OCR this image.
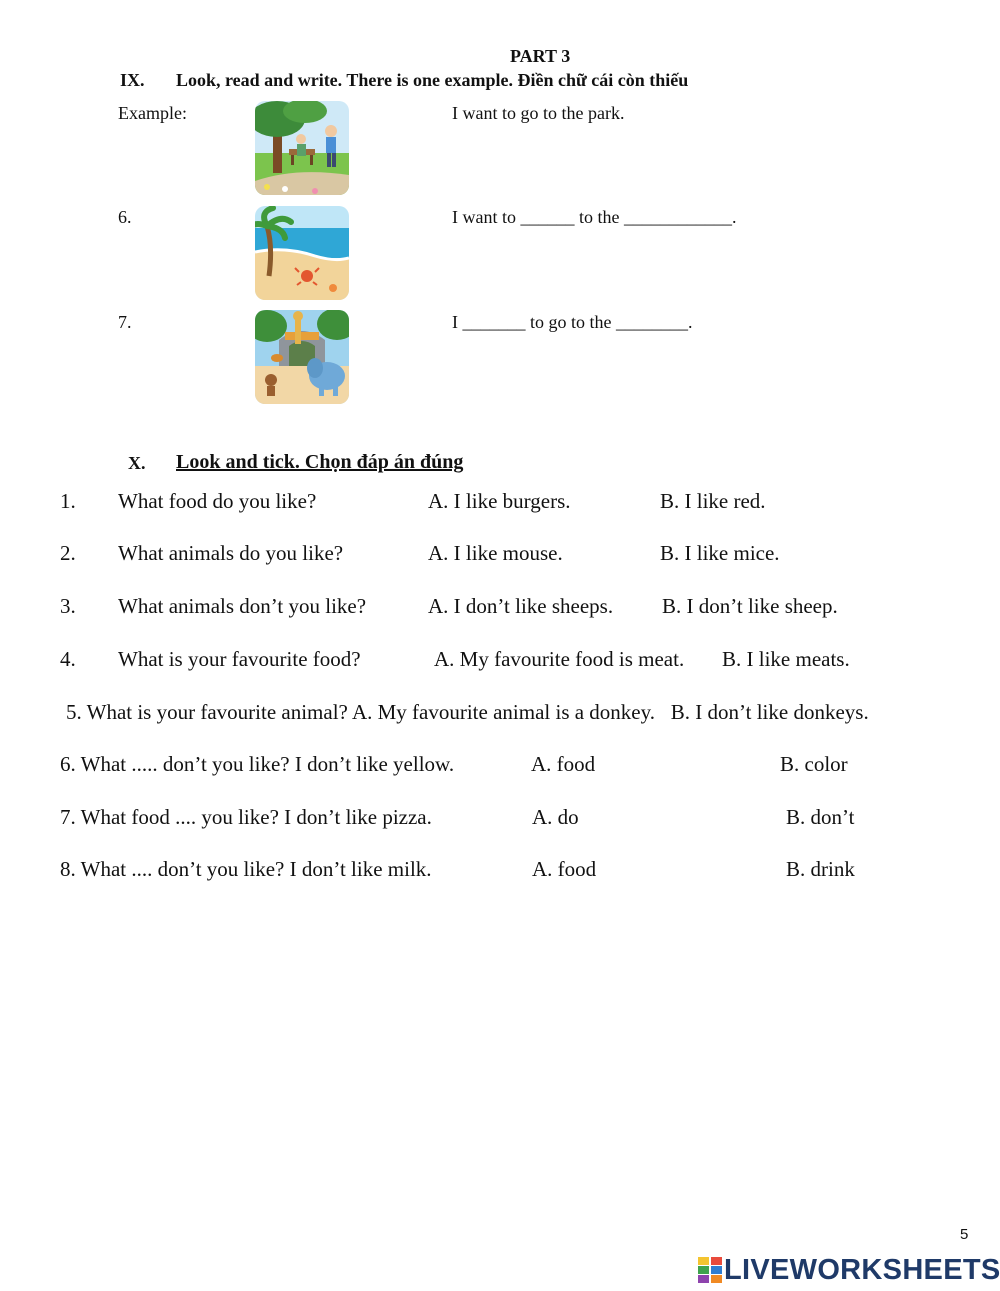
PART 3
IX. Look, read and write. There is one example. Điền chữ cái còn thiếu
Example:	I want to go to the park.
6.	I want to ______ to the ____________.
7.	I _______ to go to the ________.
X. Look and tick. Chọn đáp án đúng
1. What food do you like?	A. I like burgers.	B. I like red.
2. What animals do you like?	A. I like mouse.	B. I like mice.
3. What animals don’t you like?	A. I don’t like sheeps. B. I don’t like sheep.
4. What is your favourite food?	A. My favourite food is meat. B. I like meats.
5. What is your favourite animal? A. My favourite animal is a donkey.   B. I don’t like donkeys.
6. What ..... don’t you like? I don’t like yellow.	A. food	B. color
7. What food .... you like? I don’t like pizza.	A. do	B. don’t
8. What .... don’t you like? I don’t like milk.	A. food	B. drink
5
LIVEWORKSHEETS
